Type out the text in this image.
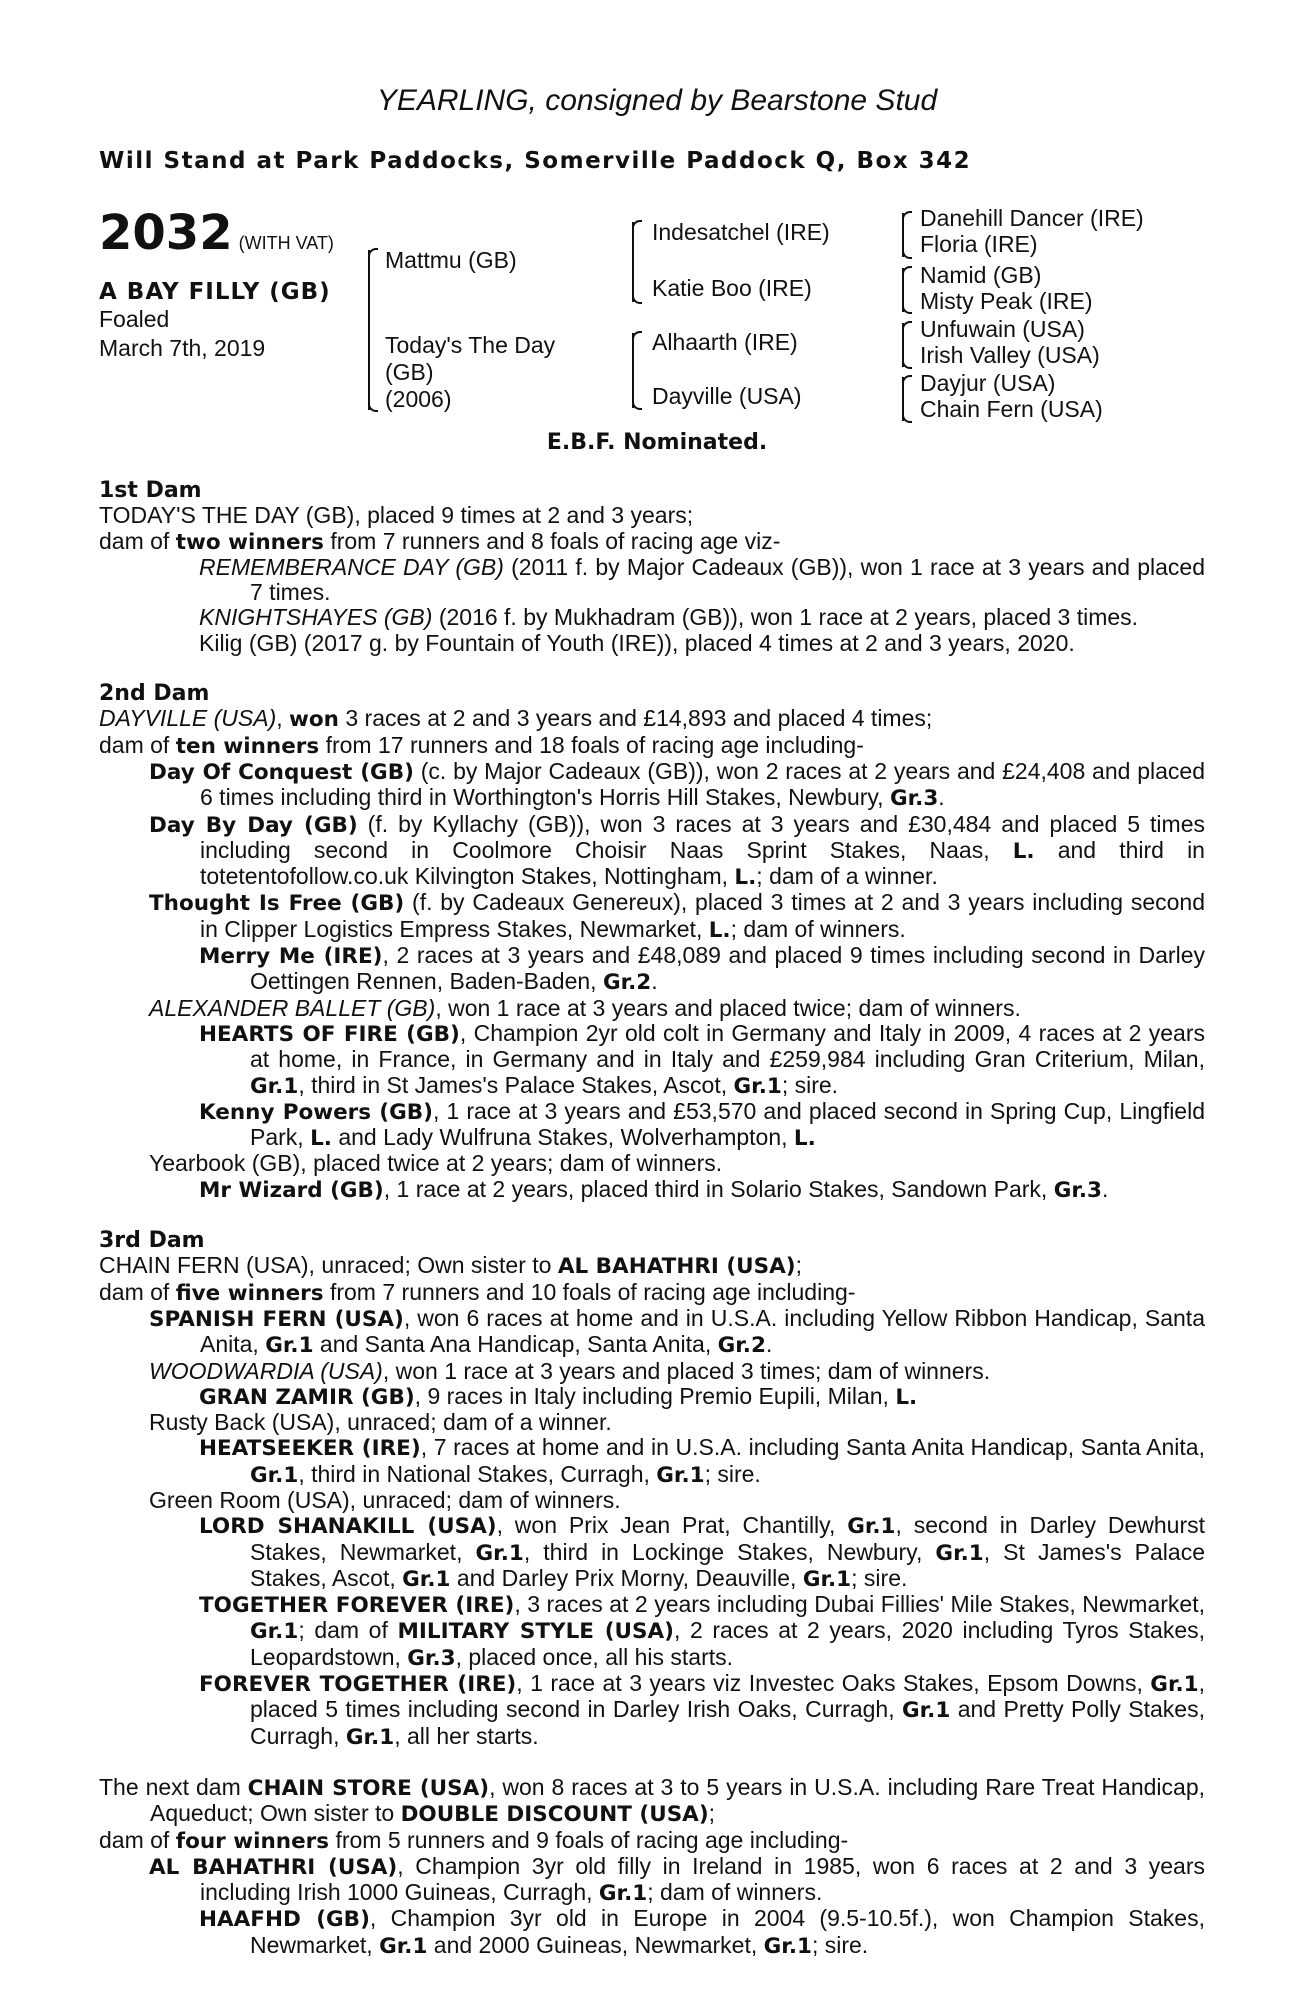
YEARLING, consigned by Bearstone Stud
Will Stand at Park Paddocks, Somerville Paddock Q, Box 342
2032 (WITH VAT)
A BAY FILLY (GB)
Foaled
March 7th, 2019
Mattmu (GB)
Today's The Day
(GB)
(2006)
Indesatchel (IRE)
Katie Boo (IRE)
Alhaarth (IRE)
Dayville (USA)
Danehill Dancer (IRE)
Floria (IRE)
Namid (GB)
Misty Peak (IRE)
Unfuwain (USA)
Irish Valley (USA)
Dayjur (USA)
Chain Fern (USA)
E.B.F. Nominated.

1st Dam

TODAY'S THE DAY (GB), placed 9 times at 2 and 3 years;

dam of two winners from 7 runners and 8 foals of racing age viz-

REMEMBERANCE DAY (GB) (2011 f. by Major Cadeaux (GB)), won 1 race at 3 years and placed 7 times.

KNIGHTSHAYES (GB) (2016 f. by Mukhadram (GB)), won 1 race at 2 years, placed 3 times.

Kilig (GB) (2017 g. by Fountain of Youth (IRE)), placed 4 times at 2 and 3 years, 2020.

2nd Dam

DAYVILLE (USA), won 3 races at 2 and 3 years and £14,893 and placed 4 times;

dam of ten winners from 17 runners and 18 foals of racing age including-

Day Of Conquest (GB) (c. by Major Cadeaux (GB)), won 2 races at 2 years and £24,408 and placed 6 times including third in Worthington's Horris Hill Stakes, Newbury, Gr.3.

Day By Day (GB) (f. by Kyllachy (GB)), won 3 races at 3 years and £30,484 and placed 5 times including second in Coolmore Choisir Naas Sprint Stakes, Naas, L. and third in totetentofollow.co.uk Kilvington Stakes, Nottingham, L.; dam of a winner.

Thought Is Free (GB) (f. by Cadeaux Genereux), placed 3 times at 2 and 3 years including second in Clipper Logistics Empress Stakes, Newmarket, L.; dam of winners.

Merry Me (IRE), 2 races at 3 years and £48,089 and placed 9 times including second in Darley Oettingen Rennen, Baden-Baden, Gr.2.

ALEXANDER BALLET (GB), won 1 race at 3 years and placed twice; dam of winners.

HEARTS OF FIRE (GB), Champion 2yr old colt in Germany and Italy in 2009, 4 races at 2 years at home, in France, in Germany and in Italy and £259,984 including Gran Criterium, Milan, Gr.1, third in St James's Palace Stakes, Ascot, Gr.1; sire.

Kenny Powers (GB), 1 race at 3 years and £53,570 and placed second in Spring Cup, Lingfield Park, L. and Lady Wulfruna Stakes, Wolverhampton, L.

Yearbook (GB), placed twice at 2 years; dam of winners.

Mr Wizard (GB), 1 race at 2 years, placed third in Solario Stakes, Sandown Park, Gr.3.

3rd Dam

CHAIN FERN (USA), unraced; Own sister to AL BAHATHRI (USA);

dam of five winners from 7 runners and 10 foals of racing age including-

SPANISH FERN (USA), won 6 races at home and in U.S.A. including Yellow Ribbon Handicap, Santa Anita, Gr.1 and Santa Ana Handicap, Santa Anita, Gr.2.

WOODWARDIA (USA), won 1 race at 3 years and placed 3 times; dam of winners.

GRAN ZAMIR (GB), 9 races in Italy including Premio Eupili, Milan, L.

Rusty Back (USA), unraced; dam of a winner.

HEATSEEKER (IRE), 7 races at home and in U.S.A. including Santa Anita Handicap, Santa Anita, Gr.1, third in National Stakes, Curragh, Gr.1; sire.

Green Room (USA), unraced; dam of winners.

LORD SHANAKILL (USA), won Prix Jean Prat, Chantilly, Gr.1, second in Darley Dewhurst Stakes, Newmarket, Gr.1, third in Lockinge Stakes, Newbury, Gr.1, St James's Palace Stakes, Ascot, Gr.1 and Darley Prix Morny, Deauville, Gr.1; sire.

TOGETHER FOREVER (IRE), 3 races at 2 years including Dubai Fillies' Mile Stakes, Newmarket, Gr.1; dam of MILITARY STYLE (USA), 2 races at 2 years, 2020 including Tyros Stakes, Leopardstown, Gr.3, placed once, all his starts.

FOREVER TOGETHER (IRE), 1 race at 3 years viz Investec Oaks Stakes, Epsom Downs, Gr.1, placed 5 times including second in Darley Irish Oaks, Curragh, Gr.1 and Pretty Polly Stakes, Curragh, Gr.1, all her starts.

The next dam CHAIN STORE (USA), won 8 races at 3 to 5 years in U.S.A. including Rare Treat Handicap, Aqueduct; Own sister to DOUBLE DISCOUNT (USA);

dam of four winners from 5 runners and 9 foals of racing age including-

AL BAHATHRI (USA), Champion 3yr old filly in Ireland in 1985, won 6 races at 2 and 3 years including Irish 1000 Guineas, Curragh, Gr.1; dam of winners.

HAAFHD (GB), Champion 3yr old in Europe in 2004 (9.5-10.5f.), won Champion Stakes, Newmarket, Gr.1 and 2000 Guineas, Newmarket, Gr.1; sire.
